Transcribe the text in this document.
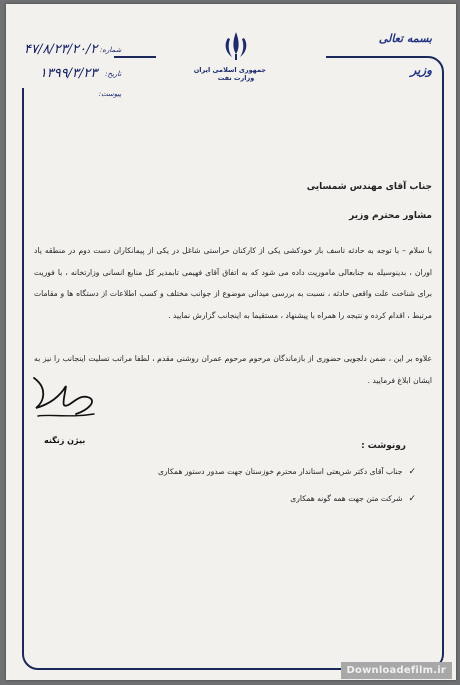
بسمه تعالی
وزیر
جمهوری اسلامی ایران
وزارت نفت
شماره:
۴۷/۸/۲۳/۲۰/۲
تاریخ:
۱۳۹۹/۳/۲۳
پیوست:
جناب آقای مهندس شمسایی
مشاور محترم وزیر
با سلام – با توجه به حادثه تاسف بار خودکشی یکی از کارکنان حراستی شاغل در یکی از پیمانکاران دست دوم در منطقه یاد اوران ، بدینوسیله به جنابعالی ماموریت داده می شود که به اتفاق آقای فهیمی تابمدیر کل منابع انسانی وزارتخانه ، با فوریت برای شناخت علت واقعی حادثه ، نسبت به بررسی میدانی موضوع از جوانب مختلف و کسب اطلاعات از دستگاه ها و مقامات مرتبط ، اقدام کرده و نتیجه را همراه با پیشنهاد ، مستقیما به اینجانب گزارش نمایید .
علاوه بر این ، ضمن دلجویی حضوری از بازماندگان مرحوم مرحوم عمران روشنی مقدم ، لطفا مراتب تسلیت اینجانب را نیز به ایشان ابلاغ فرمایید .
بیژن زنگنه
رونوشت :
✓جناب آقای دکتر شریعتی استاندار محترم خوزستان جهت صدور دستور همکاری
✓شرکت متن جهت همه گونه همکاری
Downloadefilm.ir
